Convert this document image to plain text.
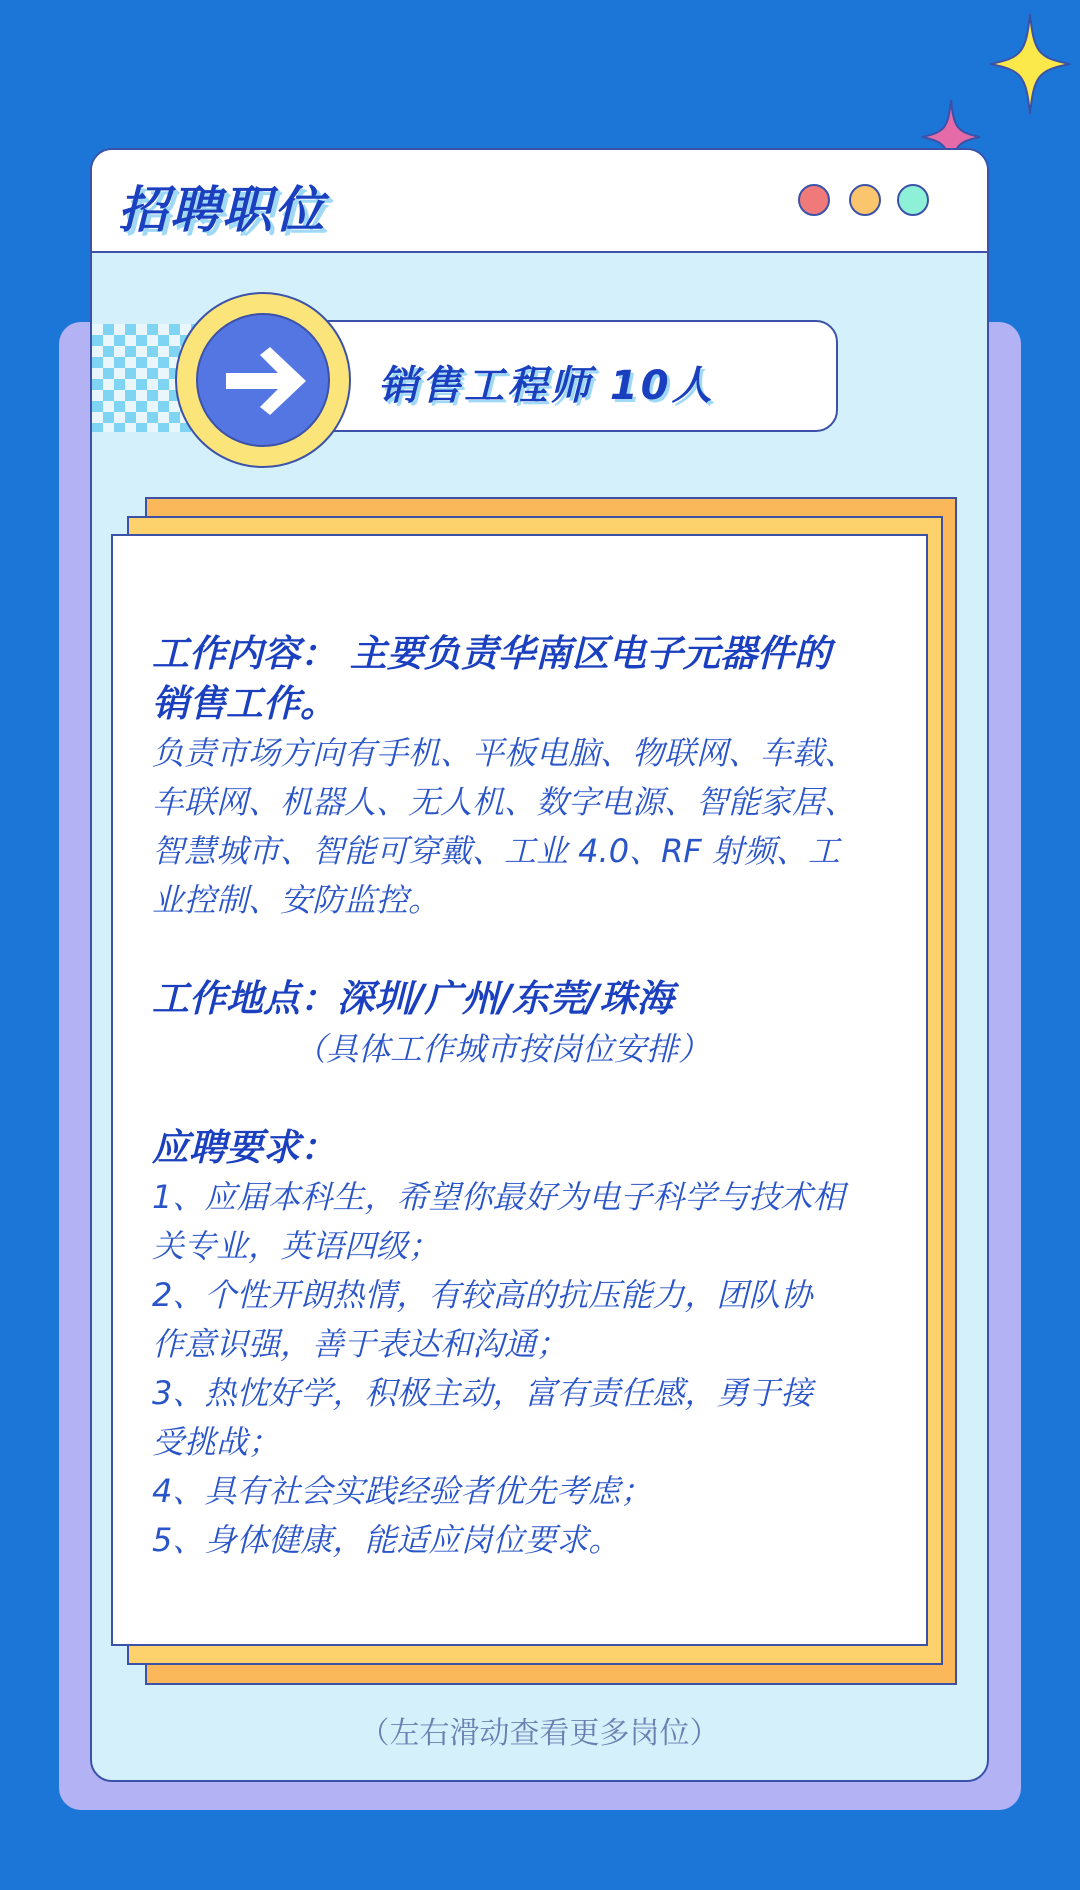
招聘职位
销售工程师 10人
工作内容： 主要负责华南区电子元器件的
销售工作。
负责市场方向有手机、平板电脑、物联网、车载、
车联网、机器人、无人机、数字电源、智能家居、
智慧城市、智能可穿戴、工业 4.0、RF 射频、工
业控制、安防监控。
工作地点：深圳/广州/东莞/珠海
（具体工作城市按岗位安排）
应聘要求：
1、应届本科生，希望你最好为电子科学与技术相
关专业，英语四级；
2、个性开朗热情，有较高的抗压能力，团队协
作意识强，善于表达和沟通；
3、热忱好学，积极主动，富有责任感，勇于接
受挑战；
4、具有社会实践经验者优先考虑；
5、身体健康，能适应岗位要求。
（左右滑动查看更多岗位）
